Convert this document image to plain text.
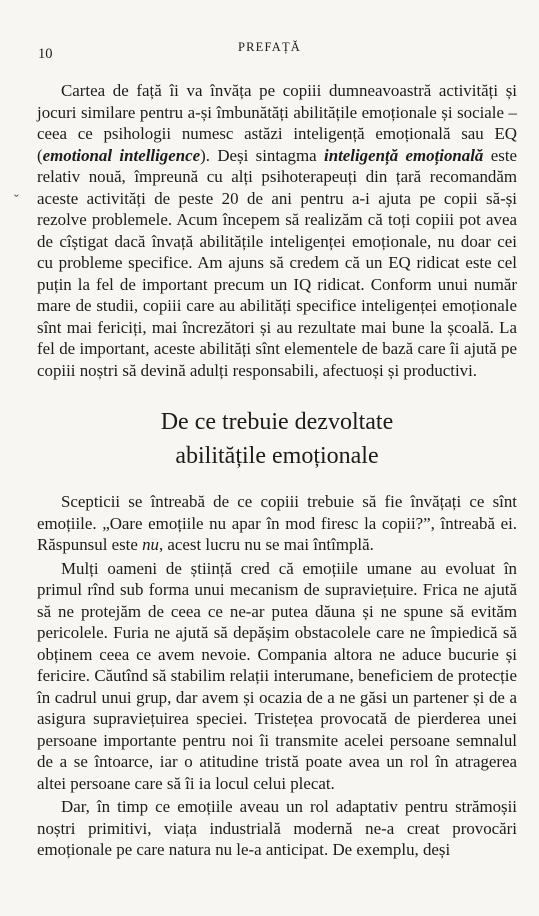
10	PREFAȚĂ
ˇ

Cartea de față îi va învăța pe copiii dumneavoastră activități și jocuri similare pentru a-și îmbunătăți abilitățile emoționale și sociale – ceea ce psihologii numesc astăzi inteligență emoțională sau EQ (emotional intelligence). Deși sintagma inteligență emoțională este relativ nouă, împreună cu alți psihoterapeuți din țară recomandăm aceste activități de peste 20 de ani pentru a-i ajuta pe copii să-și rezolve problemele. Acum începem să realizăm că toți copiii pot avea de cîștigat dacă învață abilitățile inteligenței emoționale, nu doar cei cu probleme specifice. Am ajuns să credem că un EQ ridicat este cel puțin la fel de important precum un IQ ridicat. Conform unui număr mare de studii, copiii care au abilități specifice inteligenței emoționale sînt mai fericiți, mai încrezători și au rezultate mai bune la școală. La fel de important, aceste abilități sînt elementele de bază care îi ajută pe copiii noștri să devină adulți responsabili, afectuoși și productivi.

De ce trebuie dezvoltate
abilitățile emoționale

Scepticii se întreabă de ce copiii trebuie să fie învățați ce sînt emoțiile. „Oare emoțiile nu apar în mod firesc la copii?”, întreabă ei. Răspunsul este nu, acest lucru nu se mai întîmplă.

Mulți oameni de știință cred că emoțiile umane au evoluat în primul rînd sub forma unui mecanism de supraviețuire. Frica ne ajută să ne protejăm de ceea ce ne-ar putea dăuna și ne spune să evităm pericolele. Furia ne ajută să depășim obstacolele care ne împiedică să obținem ceea ce avem nevoie. Compania altora ne aduce bucurie și fericire. Căutînd să stabilim relații interumane, beneficiem de protecție în cadrul unui grup, dar avem și ocazia de a ne găsi un partener și de a asigura supraviețuirea speciei. Tristețea provocată de pierderea unei persoane importante pentru noi îi transmite acelei persoane semnalul de a se întoarce, iar o atitudine tristă poate avea un rol în atragerea altei persoane care să îi ia locul celui plecat.

Dar, în timp ce emoțiile aveau un rol adaptativ pentru strămoșii noștri primitivi, viața industrială modernă ne-a creat provocări emoționale pe care natura nu le-a anticipat. De exemplu, deși
